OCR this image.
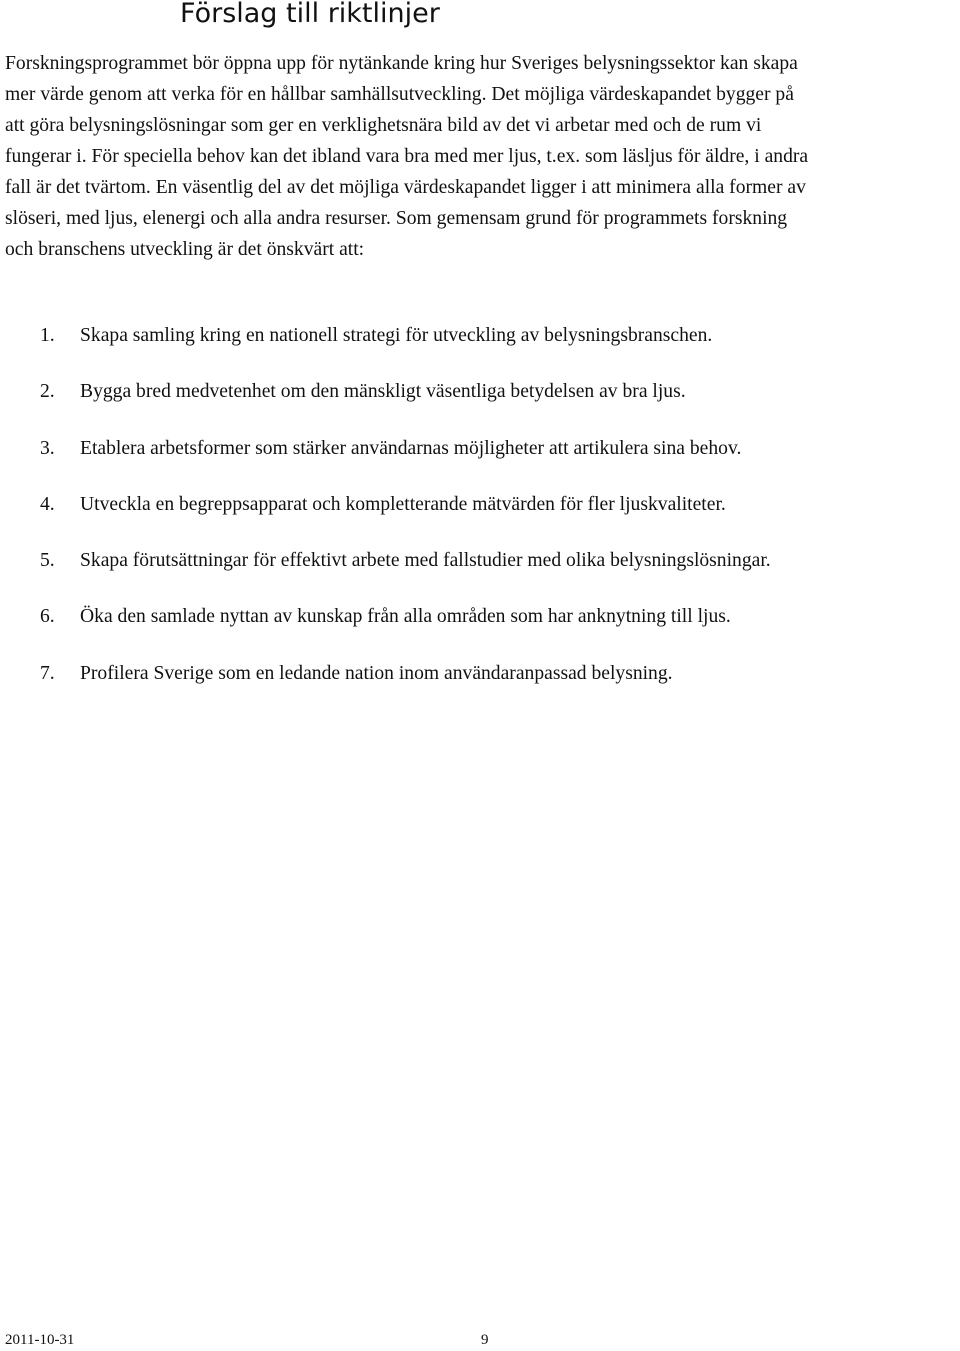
Förslag till riktlinjer

Forskningsprogrammet bör öppna upp för nytänkande kring hur Sveriges belysningssektor kan skapa
mer värde genom att verka för en hållbar samhällsutveckling. Det möjliga värdeskapandet bygger på
att göra belysningslösningar som ger en verklighetsnära bild av det vi arbetar med och de rum vi
fungerar i. För speciella behov kan det ibland vara bra med mer ljus, t.ex. som läsljus för äldre, i andra
fall är det tvärtom. En väsentlig del av det möjliga värdeskapandet ligger i att minimera alla former av
slöseri, med ljus, elenergi och alla andra resurser. Som gemensam grund för programmets forskning
och branschens utveckling är det önskvärt att:

1. Skapa samling kring en nationell strategi för utveckling av belysningsbranschen.
2. Bygga bred medvetenhet om den mänskligt väsentliga betydelsen av bra ljus.
3. Etablera arbetsformer som stärker användarnas möjligheter att artikulera sina behov.
4. Utveckla en begreppsapparat och kompletterande mätvärden för fler ljuskvaliteter.
5. Skapa förutsättningar för effektivt arbete med fallstudier med olika belysningslösningar.
6. Öka den samlade nyttan av kunskap från alla områden som har anknytning till ljus.
7. Profilera Sverige som en ledande nation inom användaranpassad belysning.
2011-10-31	9
